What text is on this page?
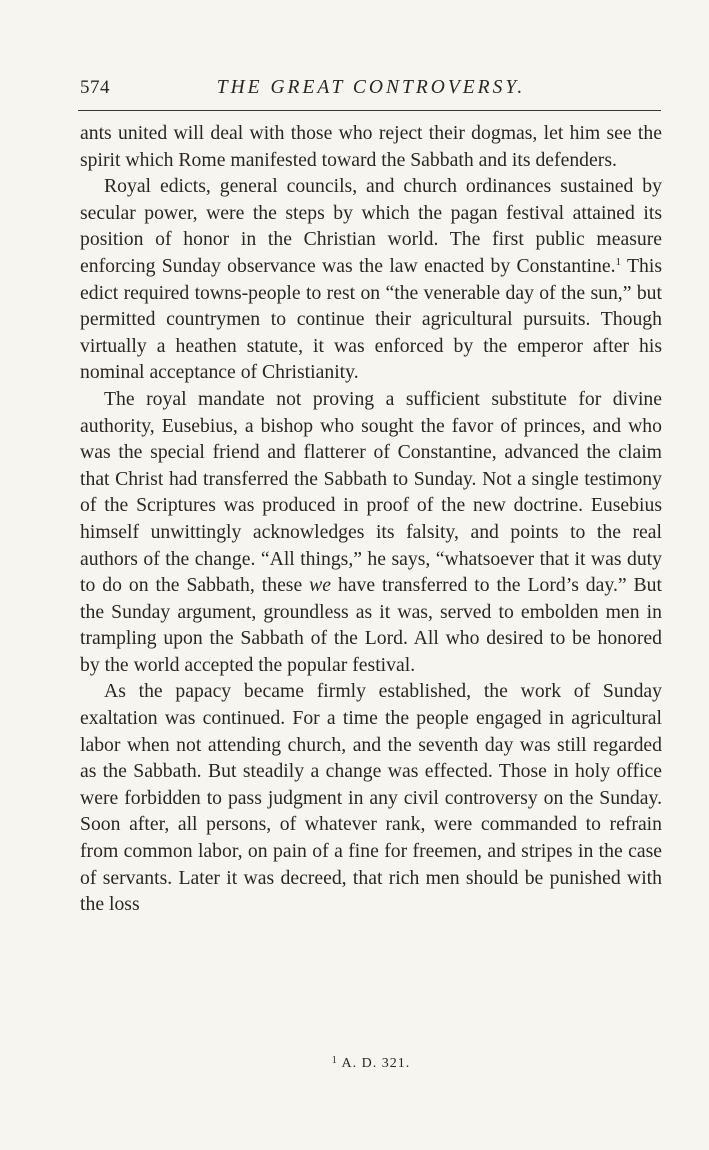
574	THE GREAT CONTROVERSY.

ants united will deal with those who reject their dogmas, let him see the spirit which Rome manifested toward the Sabbath and its defenders.

Royal edicts, general councils, and church ordinances sustained by secular power, were the steps by which the pagan festival attained its position of honor in the Christian world. The first public measure enforcing Sunday observance was the law enacted by Constantine.$^1$ This edict required towns-people to rest on “the venerable day of the sun,” but permitted countrymen to continue their agricultural pursuits. Though virtually a heathen statute, it was enforced by the emperor after his nominal acceptance of Christianity.

The royal mandate not proving a sufficient substitute for divine authority, Eusebius, a bishop who sought the favor of princes, and who was the special friend and flatterer of Constantine, advanced the claim that Christ had transferred the Sabbath to Sunday. Not a single testimony of the Scriptures was produced in proof of the new doctrine. Eusebius himself unwittingly acknowledges its falsity, and points to the real authors of the change. “All things,” he says, “whatsoever that it was duty to do on the Sabbath, these we have transferred to the Lord’s day.” But the Sunday argument, groundless as it was, served to embolden men in trampling upon the Sabbath of the Lord. All who desired to be honored by the world accepted the popular festival.

As the papacy became firmly established, the work of Sunday exaltation was continued. For a time the people engaged in agricultural labor when not attending church, and the seventh day was still regarded as the Sabbath. But steadily a change was effected. Those in holy office were forbidden to pass judgment in any civil controversy on the Sunday. Soon after, all persons, of whatever rank, were commanded to refrain from common labor, on pain of a fine for freemen, and stripes in the case of servants. Later it was decreed, that rich men should be punished with the loss

$^1$ A. D. 321.
